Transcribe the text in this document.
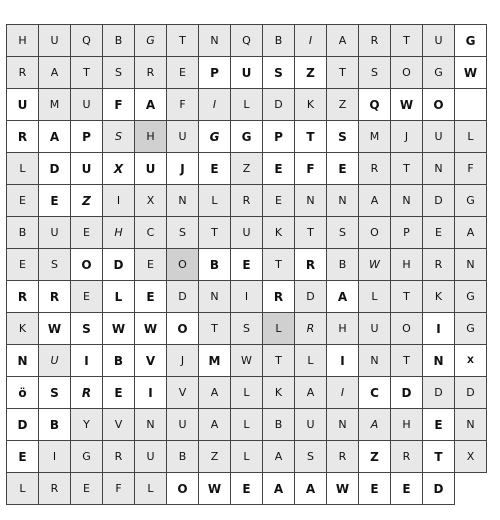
H	U	Q	B	G	T	N	Q	B	I	A	R	T	U	G
R	A	T	S	R	E	P	U	S	Z	T	S	O	G	W
U	M	U	F	A	F	I	L	D	K	Z	Q	W	O
R	A	P	S	H	U	G	G	P	T	S	M	J	U	L
L	D	U	X	U	J	E	Z	E	F	E	R	T	N	F
E	E	Z	I	X	N	L	R	E	N	N	A	N	D	G
B	U	E	H	C	S	T	U	K	T	S	O	P	E	A
E	S	O	D	E	O	B	E	T	R	B	W	H	R	N
R	R	E	L	E	D	N	I	R	D	A	L	T	K	G
K	W	S	W	W	O	T	S	L	R	H	U	O	I	G
N	U	I	B	V	J	M	W	T	L	I	N	T	N	X
ö	S	R	E	I	V	A	L	K	A	I	C	D	D	D
D	B	Y	V	N	U	A	L	B	U	N	A	H	E	N
E	I	G	R	U	B	Z	L	A	S	R	Z	R	T	X
L	R	E	F	L	O	W	E	A	A	W	E	E	D
